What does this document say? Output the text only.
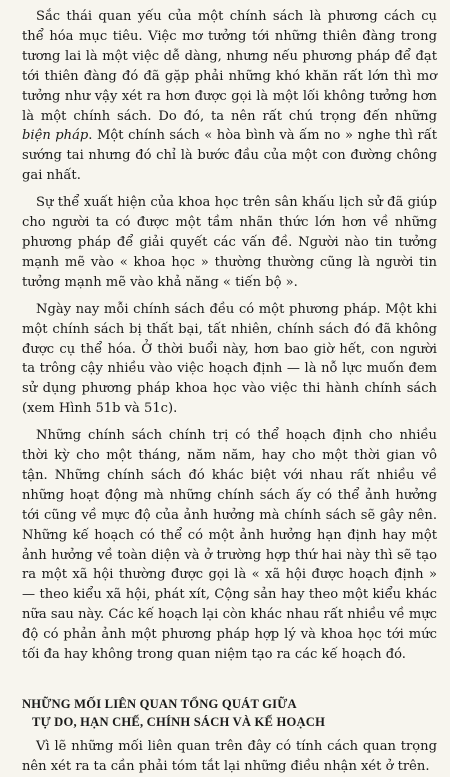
Sắc thái quan yếu của một chính sách là phương cách cụ thể hóa mục tiêu. Việc mơ tưởng tới những thiên đàng trong tương lai là một việc dễ dàng, nhưng nếu phương pháp để đạt tới thiên đàng đó đã gặp phải những khó khăn rất lớn thì mơ tưởng như vậy xét ra hơn được gọi là một lối không tưởng hơn là một chính sách. Do đó, ta nên rất chú trọng đến những biện pháp. Một chính sách « hòa bình và ấm no » nghe thì rất sướng tai nhưng đó chỉ là bước đầu của một con đường chông gai nhất.

Sự thể xuất hiện của khoa học trên sân khấu lịch sử đã giúp cho người ta có được một tầm nhãn thức lớn hơn về những phương pháp để giải quyết các vấn đề. Người nào tin tưởng mạnh mẽ vào « khoa học » thường thường cũng là người tin tưởng mạnh mẽ vào khả năng « tiến bộ ».

Ngày nay mỗi chính sách đều có một phương pháp. Một khi một chính sách bị thất bại, tất nhiên, chính sách đó đã không được cụ thể hóa. Ở thời buổi này, hơn bao giờ hết, con người ta trông cậy nhiều vào việc hoạch định — là nỗ lực muốn đem sử dụng phương pháp khoa học vào việc thi hành chính sách (xem Hình 51b và 51c).

Những chính sách chính trị có thể hoạch định cho nhiều thời kỳ cho một tháng, năm năm, hay cho một thời gian vô tận. Những chính sách đó khác biệt với nhau rất nhiều về những hoạt động mà những chính sách ấy có thể ảnh hưởng tới cũng về mực độ của ảnh hưởng mà chính sách sẽ gây nên. Những kế hoạch có thể có một ảnh hưởng hạn định hay một ảnh hưởng về toàn diện và ở trường hợp thứ hai này thì sẽ tạo ra một xã hội thường được gọi là « xã hội được hoạch định » — theo kiểu xã hội, phát xít, Cộng sản hay theo một kiểu khác nữa sau này. Các kế hoạch lại còn khác nhau rất nhiều về mực độ có phản ảnh một phương pháp hợp lý và khoa học tới mức tối đa hay không trong quan niệm tạo ra các kế hoạch đó.

NHỮNG MỐI LIÊN QUAN TỔNG QUÁT GIỮA
TỰ DO, HẠN CHẾ, CHÍNH SÁCH VÀ KẾ HOẠCH

Vì lẽ những mối liên quan trên đây có tính cách quan trọng nên xét ra ta cần phải tóm tắt lại những điều nhận xét ở trên.
